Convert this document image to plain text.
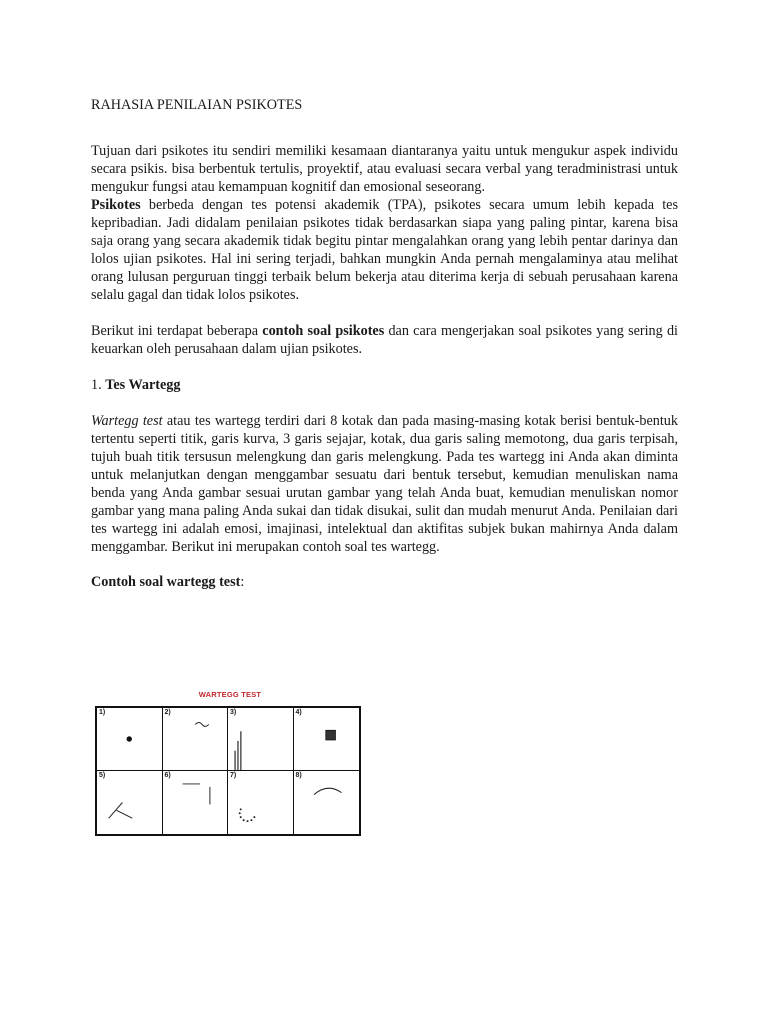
RAHASIA PENILAIAN PSIKOTES

Tujuan dari psikotes itu sendiri memiliki kesamaan diantaranya yaitu untuk mengukur aspek individu secara psikis. bisa berbentuk tertulis, proyektif, atau evaluasi secara verbal yang teradministrasi untuk mengukur fungsi atau kemampuan kognitif dan emosional seseorang.

Psikotes berbeda dengan tes potensi akademik (TPA), psikotes secara umum lebih kepada tes kepribadian. Jadi didalam penilaian psikotes tidak berdasarkan siapa yang paling pintar, karena bisa saja orang yang secara akademik tidak begitu pintar mengalahkan orang yang lebih pentar darinya dan lolos ujian psikotes. Hal ini sering terjadi, bahkan mungkin Anda pernah mengalaminya atau melihat orang lulusan perguruan tinggi terbaik belum bekerja atau diterima kerja di sebuah perusahaan karena selalu gagal dan tidak lolos psikotes.

Berikut ini terdapat beberapa contoh soal psikotes dan cara mengerjakan soal psikotes yang sering di keuarkan oleh perusahaan dalam ujian psikotes.

1. Tes Wartegg

Wartegg test atau tes wartegg terdiri dari 8 kotak dan pada masing-masing kotak berisi bentuk-bentuk tertentu seperti titik, garis kurva, 3 garis sejajar, kotak, dua garis saling memotong, dua garis terpisah, tujuh buah titik tersusun melengkung dan garis melengkung. Pada tes wartegg ini Anda akan diminta untuk melanjutkan dengan menggambar sesuatu dari bentuk tersebut, kemudian menuliskan nama benda yang Anda gambar sesuai urutan gambar yang telah Anda buat, kemudian menuliskan nomor gambar yang mana paling Anda sukai dan tidak disukai, sulit dan mudah menurut Anda. Penilaian dari tes wartegg ini adalah emosi, imajinasi, intelektual dan aktifitas subjek bukan mahirnya Anda dalam menggambar. Berikut ini merupakan contoh soal tes wartegg.

Contoh soal wartegg test:

WARTEGG TEST
1)	2)	3)	4)
5)	6)	7)	8)
